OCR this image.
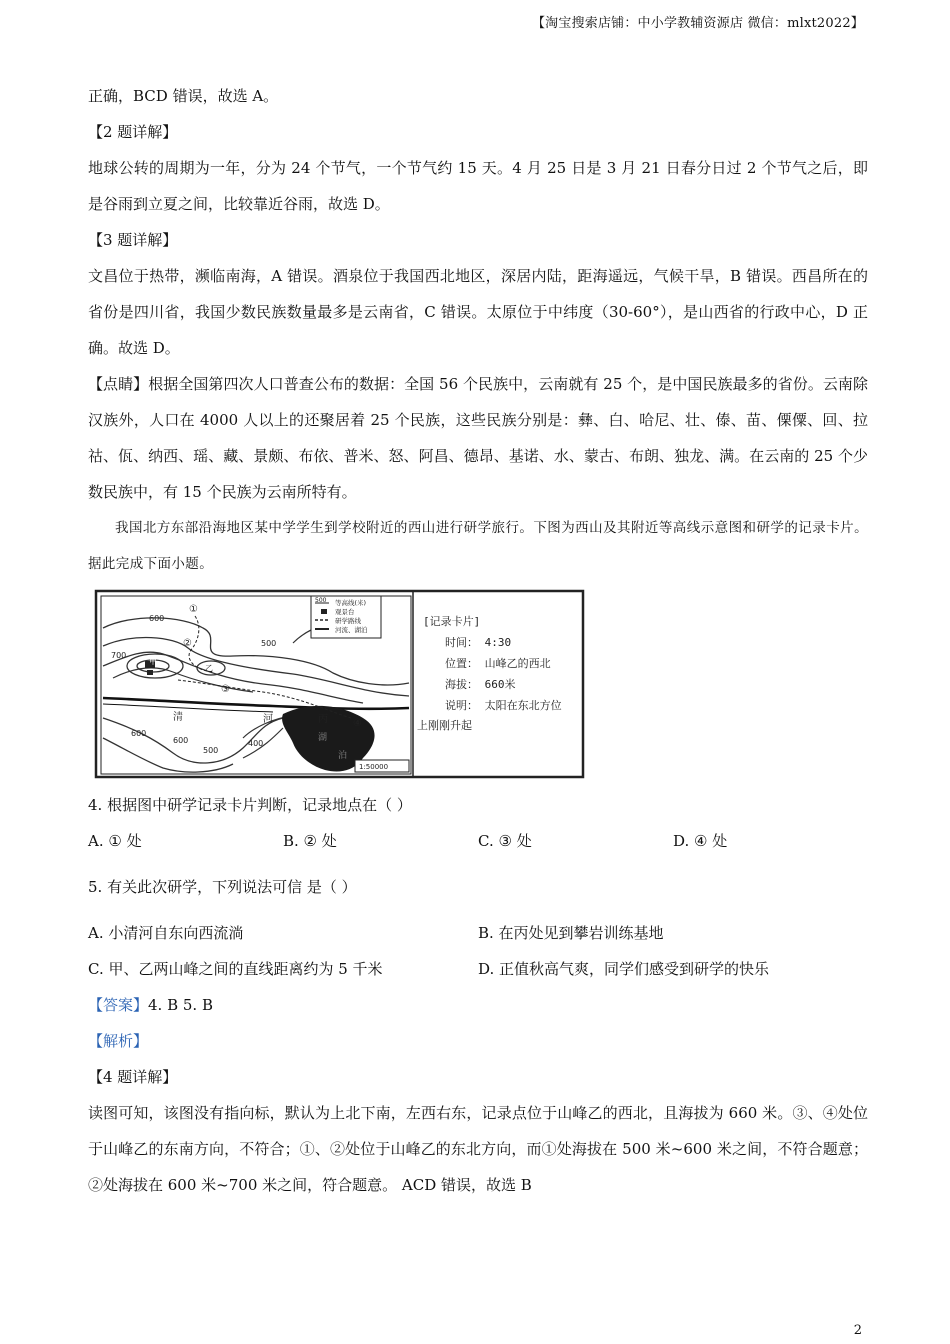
【淘宝搜索店铺：中小学教辅资源店 微信：mlxt2022】

正确，BCD 错误，故选 A。

【2 题详解】

地球公转的周期为一年，分为 24 个节气，一个节气约 15 天。4 月 25 日是 3 月 21 日春分日过 2 个节气之后，即是谷雨到立夏之间，比较靠近谷雨，故选 D。

【3 题详解】

文昌位于热带，濒临南海，A 错误。酒泉位于我国西北地区，深居内陆，距海遥远，气候干旱，B 错误。西昌所在的省份是四川省，我国少数民族数量最多是云南省，C 错误。太原位于中纬度（30-60°），是山西省的行政中心，D 正确。故选 D。

【点睛】根据全国第四次人口普查公布的数据：全国 56 个民族中，云南就有 25 个，是中国民族最多的省份。云南除汉族外，人口在 4000 人以上的还聚居着 25 个民族，这些民族分别是：彝、白、哈尼、壮、傣、苗、傈僳、回、拉祜、佤、纳西、瑶、藏、景颇、布依、普米、怒、阿昌、德昂、基诺、水、蒙古、布朗、独龙、满。在云南的 25 个少数民族中，有 15 个民族为云南所特有。

我国北方东部沿海地区某中学学生到学校附近的西山进行研学旅行。下图为西山及其附近等高线示意图和研学的记录卡片。据此完成下面小题。

500 等高线(米)
观景台
研学路线
河流、湖泊
600
700
500
600
500
400
600
①
②
③
④
甲
乙
清	河	丙
湖
泊
1:50000
[记录卡片]
时间： 4:30
位置： 山峰乙的西北
海拔： 660米
说明： 太阳在东北方位
上刚刚升起

4. 根据图中研学记录卡片判断，记录地点在（ ）

A. ① 处	B. ② 处	C. ③ 处	D. ④ 处

5. 有关此次研学，下列说法可信 是（ ）

A. 小清河自东向西流淌	B. 在丙处见到攀岩训练基地
C. 甲、乙两山峰之间的直线距离约为 5 千米	D. 正值秋高气爽，同学们感受到研学的快乐

【答案】4. B 5. B

【解析】

【4 题详解】

读图可知，该图没有指向标，默认为上北下南，左西右东，记录点位于山峰乙的西北，且海拔为 660 米。③、④处位于山峰乙的东南方向，不符合；①、②处位于山峰乙的东北方向，而①处海拔在 500 米~600 米之间，不符合题意；②处海拔在 600 米~700 米之间，符合题意。 ACD 错误，故选 B

2
